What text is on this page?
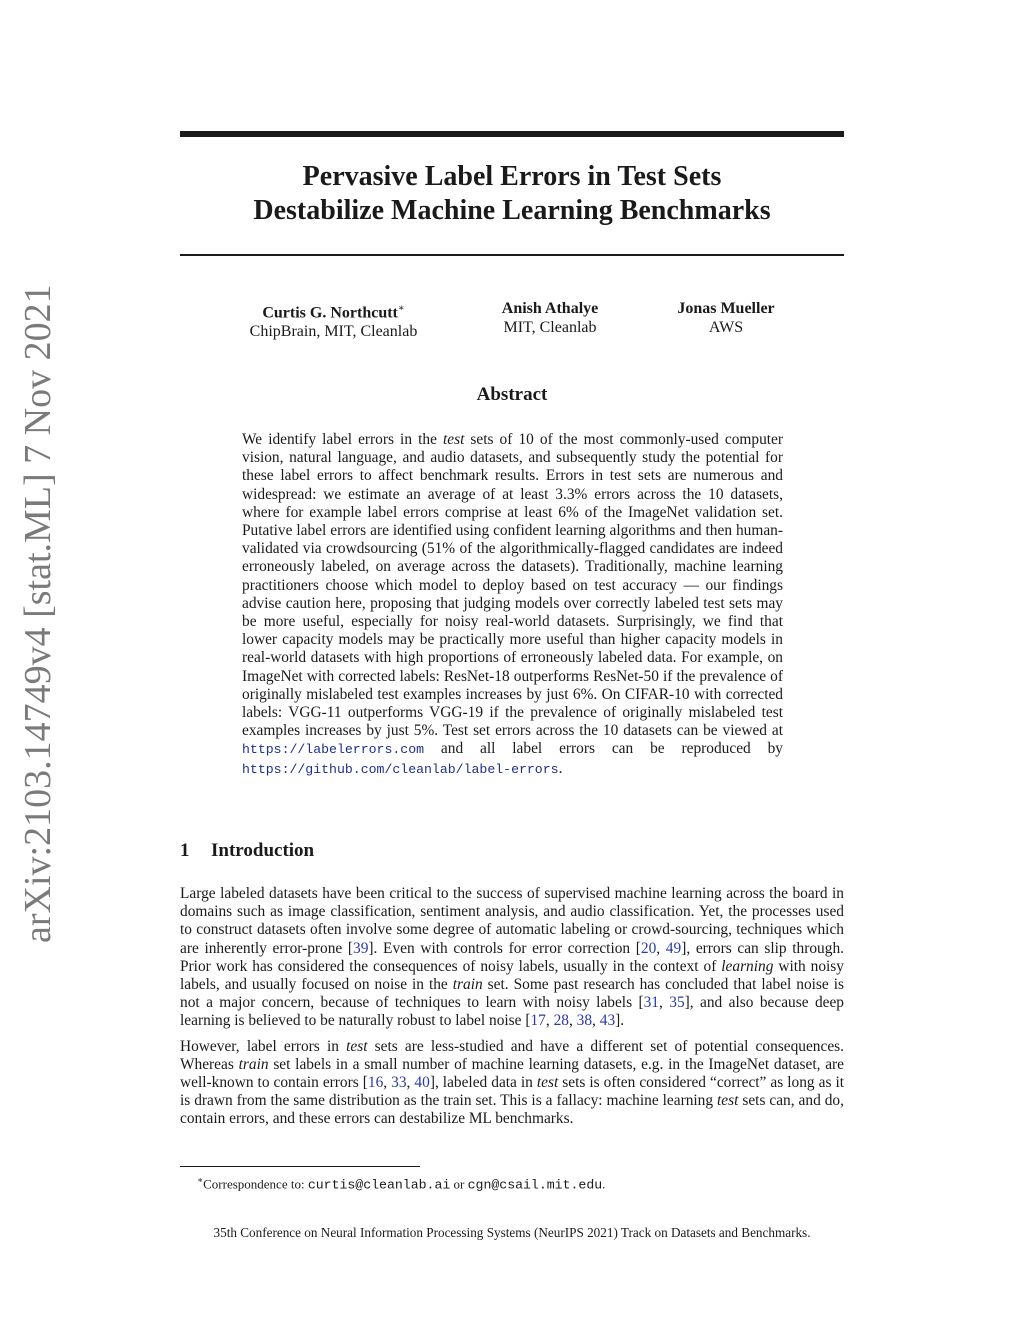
arXiv:2103.14749v4 [stat.ML] 7 Nov 2021
Pervasive Label Errors in Test Sets
Destabilize Machine Learning Benchmarks
Curtis G. Northcutt∗
ChipBrain, MIT, Cleanlab
Anish Athalye
MIT, Cleanlab
Jonas Mueller
AWS
Abstract

We identify label errors in the test sets of 10 of the most commonly-used computer vision, natural language, and audio datasets, and subsequently study the potential for these label errors to affect benchmark results. Errors in test sets are numerous and widespread: we estimate an average of at least 3.3% errors across the 10 datasets, where for example label errors comprise at least 6% of the ImageNet validation set. Putative label errors are identified using confident learning algorithms and then human-validated via crowdsourcing (51% of the algorithmically-flagged candidates are indeed erroneously labeled, on average across the datasets). Traditionally, machine learning practitioners choose which model to deploy based on test accuracy — our findings advise caution here, proposing that judging models over correctly labeled test sets may be more useful, especially for noisy real-world datasets. Surprisingly, we find that lower capacity models may be practically more useful than higher capacity models in real-world datasets with high proportions of erroneously labeled data. For example, on ImageNet with corrected labels: ResNet-18 outperforms ResNet-50 if the prevalence of originally mislabeled test examples increases by just 6%. On CIFAR-10 with corrected labels: VGG-11 outperforms VGG-19 if the prevalence of originally mislabeled test examples increases by just 5%. Test set errors across the 10 datasets can be viewed at https://labelerrors.com and all label errors can be reproduced by https://github.com/cleanlab/label-errors.

1 Introduction

Large labeled datasets have been critical to the success of supervised machine learning across the board in domains such as image classification, sentiment analysis, and audio classification. Yet, the processes used to construct datasets often involve some degree of automatic labeling or crowd-sourcing, techniques which are inherently error-prone [39]. Even with controls for error correction [20, 49], errors can slip through. Prior work has considered the consequences of noisy labels, usually in the context of learning with noisy labels, and usually focused on noise in the train set. Some past research has concluded that label noise is not a major concern, because of techniques to learn with noisy labels [31, 35], and also because deep learning is believed to be naturally robust to label noise [17, 28, 38, 43].

However, label errors in test sets are less-studied and have a different set of potential consequences. Whereas train set labels in a small number of machine learning datasets, e.g. in the ImageNet dataset, are well-known to contain errors [16, 33, 40], labeled data in test sets is often considered “correct” as long as it is drawn from the same distribution as the train set. This is a fallacy: machine learning test sets can, and do, contain errors, and these errors can destabilize ML benchmarks.

∗Correspondence to: curtis@cleanlab.ai or cgn@csail.mit.edu.
35th Conference on Neural Information Processing Systems (NeurIPS 2021) Track on Datasets and Benchmarks.
